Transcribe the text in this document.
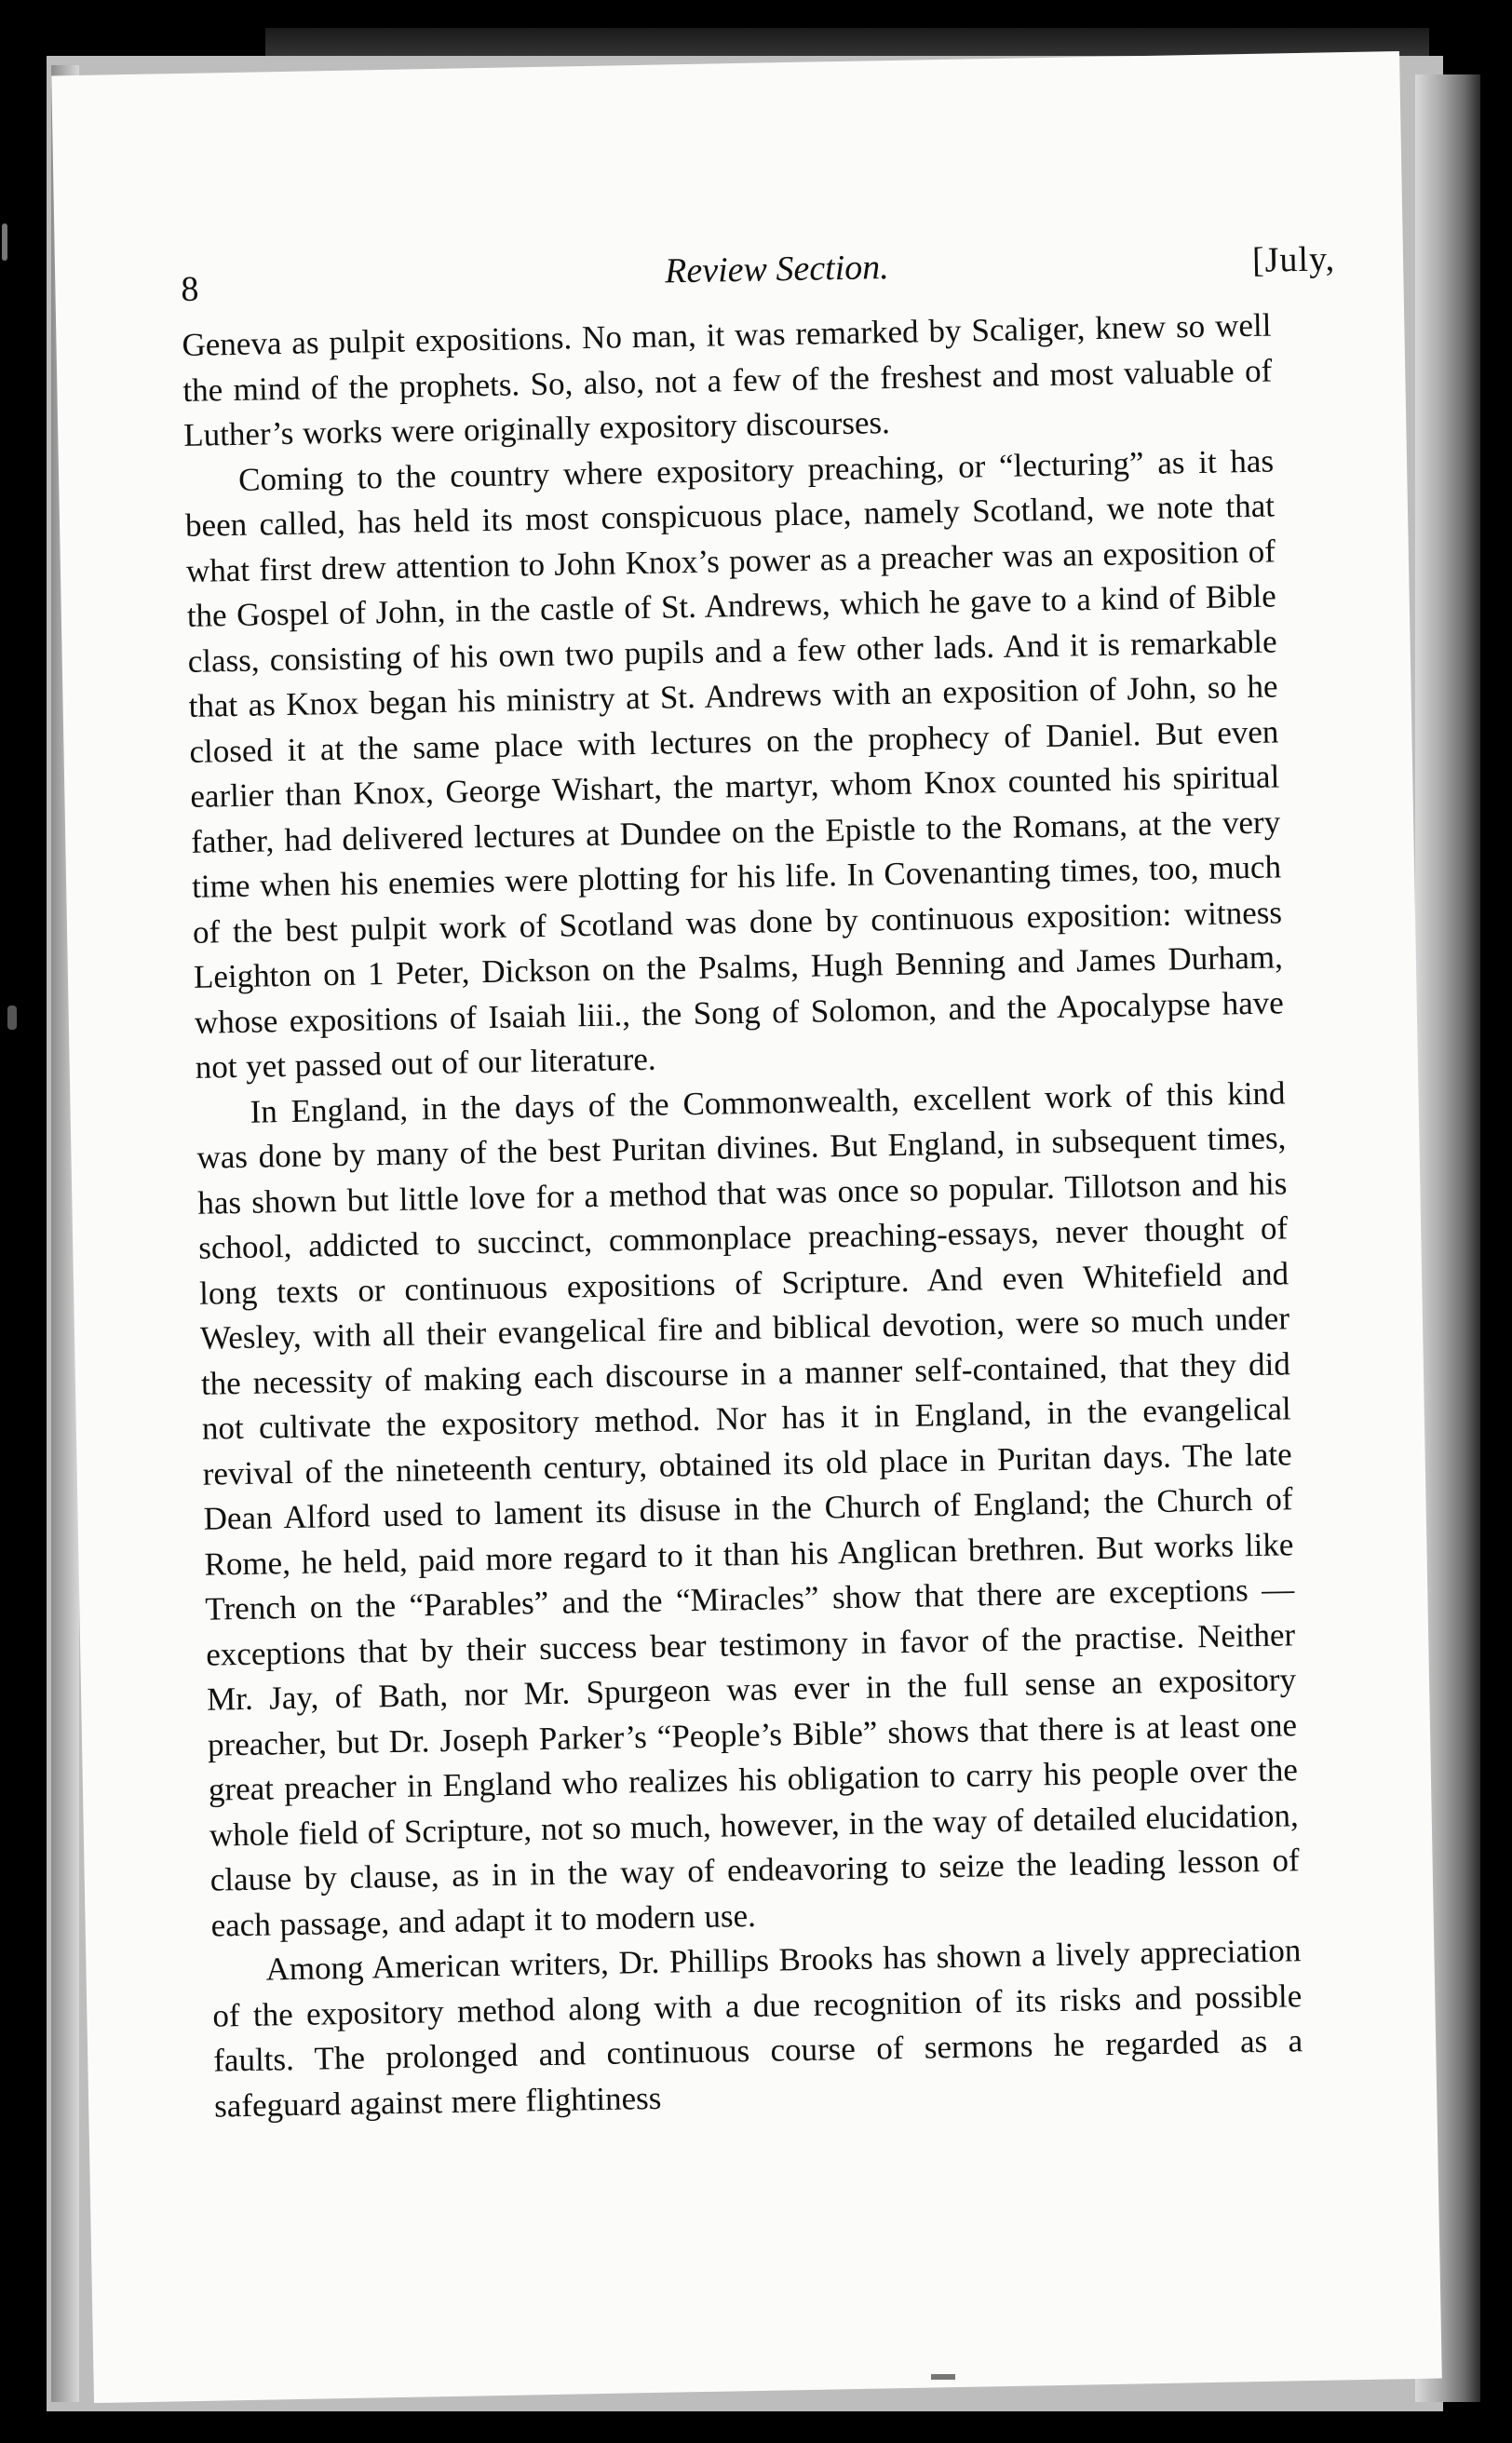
8	Review Section.	[July,

Geneva as pulpit expositions. No man, it was remarked by Scaliger, knew so well the mind of the prophets. So, also, not a few of the freshest and most valuable of Luther’s works were originally expository discourses.

Coming to the country where expository preaching, or “lecturing” as it has been called, has held its most conspicuous place, namely Scotland, we note that what first drew attention to John Knox’s power as a preacher was an exposition of the Gospel of John, in the castle of St. Andrews, which he gave to a kind of Bible class, consisting of his own two pupils and a few other lads. And it is remarkable that as Knox began his ministry at St. Andrews with an exposition of John, so he closed it at the same place with lectures on the prophecy of Daniel. But even earlier than Knox, George Wishart, the martyr, whom Knox counted his spiritual father, had delivered lectures at Dundee on the Epistle to the Romans, at the very time when his enemies were plotting for his life. In Covenanting times, too, much of the best pulpit work of Scotland was done by continuous exposition: witness Leighton on 1 Peter, Dickson on the Psalms, Hugh Benning and James Durham, whose expositions of Isaiah liii., the Song of Solomon, and the Apocalypse have not yet passed out of our literature.

In England, in the days of the Commonwealth, excellent work of this kind was done by many of the best Puritan divines. But England, in subsequent times, has shown but little love for a method that was once so popular. Tillotson and his school, addicted to succinct, commonplace preaching-essays, never thought of long texts or continuous expositions of Scripture. And even Whitefield and Wesley, with all their evangelical fire and biblical devotion, were so much under the necessity of making each discourse in a manner self-contained, that they did not cultivate the expository method. Nor has it in England, in the evangelical revival of the nineteenth century, obtained its old place in Puritan days. The late Dean Alford used to lament its disuse in the Church of England; the Church of Rome, he held, paid more regard to it than his Anglican brethren. But works like Trench on the “Parables” and the “Miracles” show that there are exceptions —exceptions that by their success bear testimony in favor of the practise. Neither Mr. Jay, of Bath, nor Mr. Spurgeon was ever in the full sense an expository preacher, but Dr. Joseph Parker’s “People’s Bible” shows that there is at least one great preacher in England who realizes his obligation to carry his people over the whole field of Scripture, not so much, however, in the way of detailed elucidation, clause by clause, as in in the way of endeavoring to seize the leading lesson of each passage, and adapt it to modern use.

Among American writers, Dr. Phillips Brooks has shown a lively appreciation of the expository method along with a due recognition of its risks and possible faults. The prolonged and continuous course of sermons he regarded as a safeguard against mere flightiness
